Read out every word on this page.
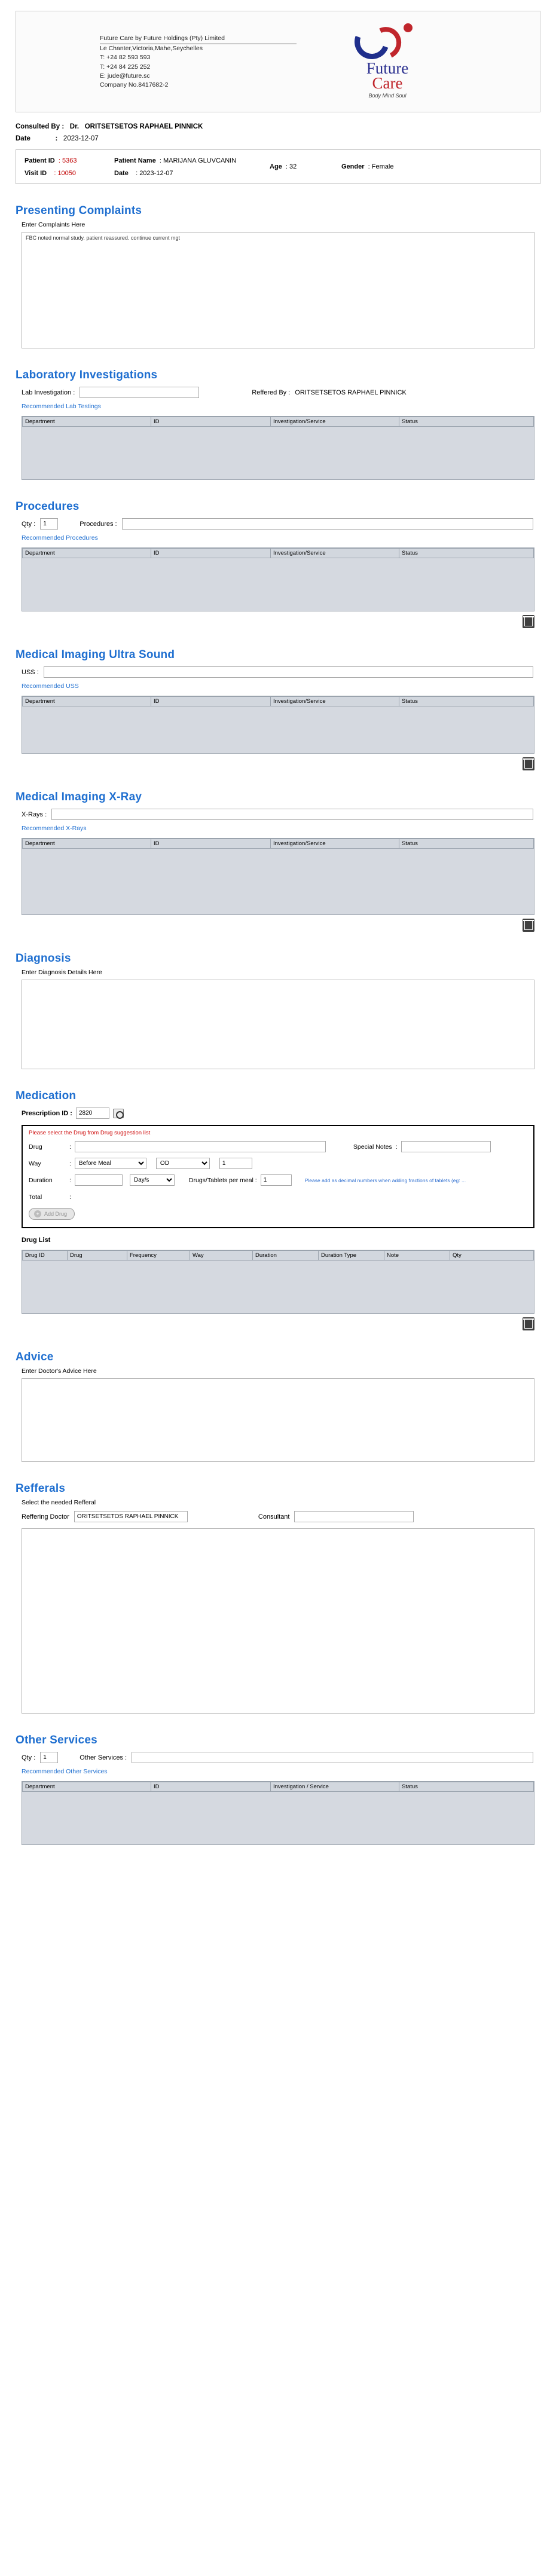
Future Care by Future Holdings (Pty) Limited
Le Chanter,Victoria,Mahe,Seychelles
T: +24 82 593 593
T: +24 84 225 252
E: jude@future.sc
Company No.8417682-2
Future
Care
Body Mind Soul
Consulted By : Dr. ORITSETSETOS RAPHAEL PINNICK
Date	: 2023-12-07
Patient ID : 5363
Visit ID : 10050
Patient Name : MARIJANA GLUVCANIN
Date : 2023-12-07
Age : 32	Gender : Female
Presenting Complaints
Enter Complaints Here
FBC noted normal study. patient reassured. continue current mgt
Laboratory Investigations
Lab Investigation :	Reffered By : ORITSETSETOS RAPHAEL PINNICK
Recommended Lab Testings
Department	ID	Investigation/Service	Status
Procedures
Qty :
1	Procedures :
Recommended Procedures
Department	ID	Investigation/Service	Status
Medical Imaging Ultra Sound
USS :
Recommended USS
Department	ID	Investigation/Service	Status
Medical Imaging X-Ray
X-Rays :
Recommended X-Rays
Department	ID	Investigation/Service	Status
Diagnosis
Enter Diagnosis Details Here
Medication
Prescription ID :
2820
Please select the Drug from Drug suggestion list
Drug	:	Special Notes :
Way	:
Before Meal
OD
1
Duration	:
Day/s	Drugs/Tablets per meal :
1	Please add as decimal numbers when adding fractions of tablets (eg: ...
Total	:
+ Add Drug
Drug List
Drug ID	Drug	Frequency	Way	Duration	Duration Type	Note	Qty
Advice
Enter Doctor's Advice Here
Refferals
Select the needed Refferal
Reffering Doctor
ORITSETSETOS RAPHAEL PINNICK	Consultant
Other Services
Qty :
1	Other Services :
Recommended Other Services
Department	ID	Investigation / Service	Status
